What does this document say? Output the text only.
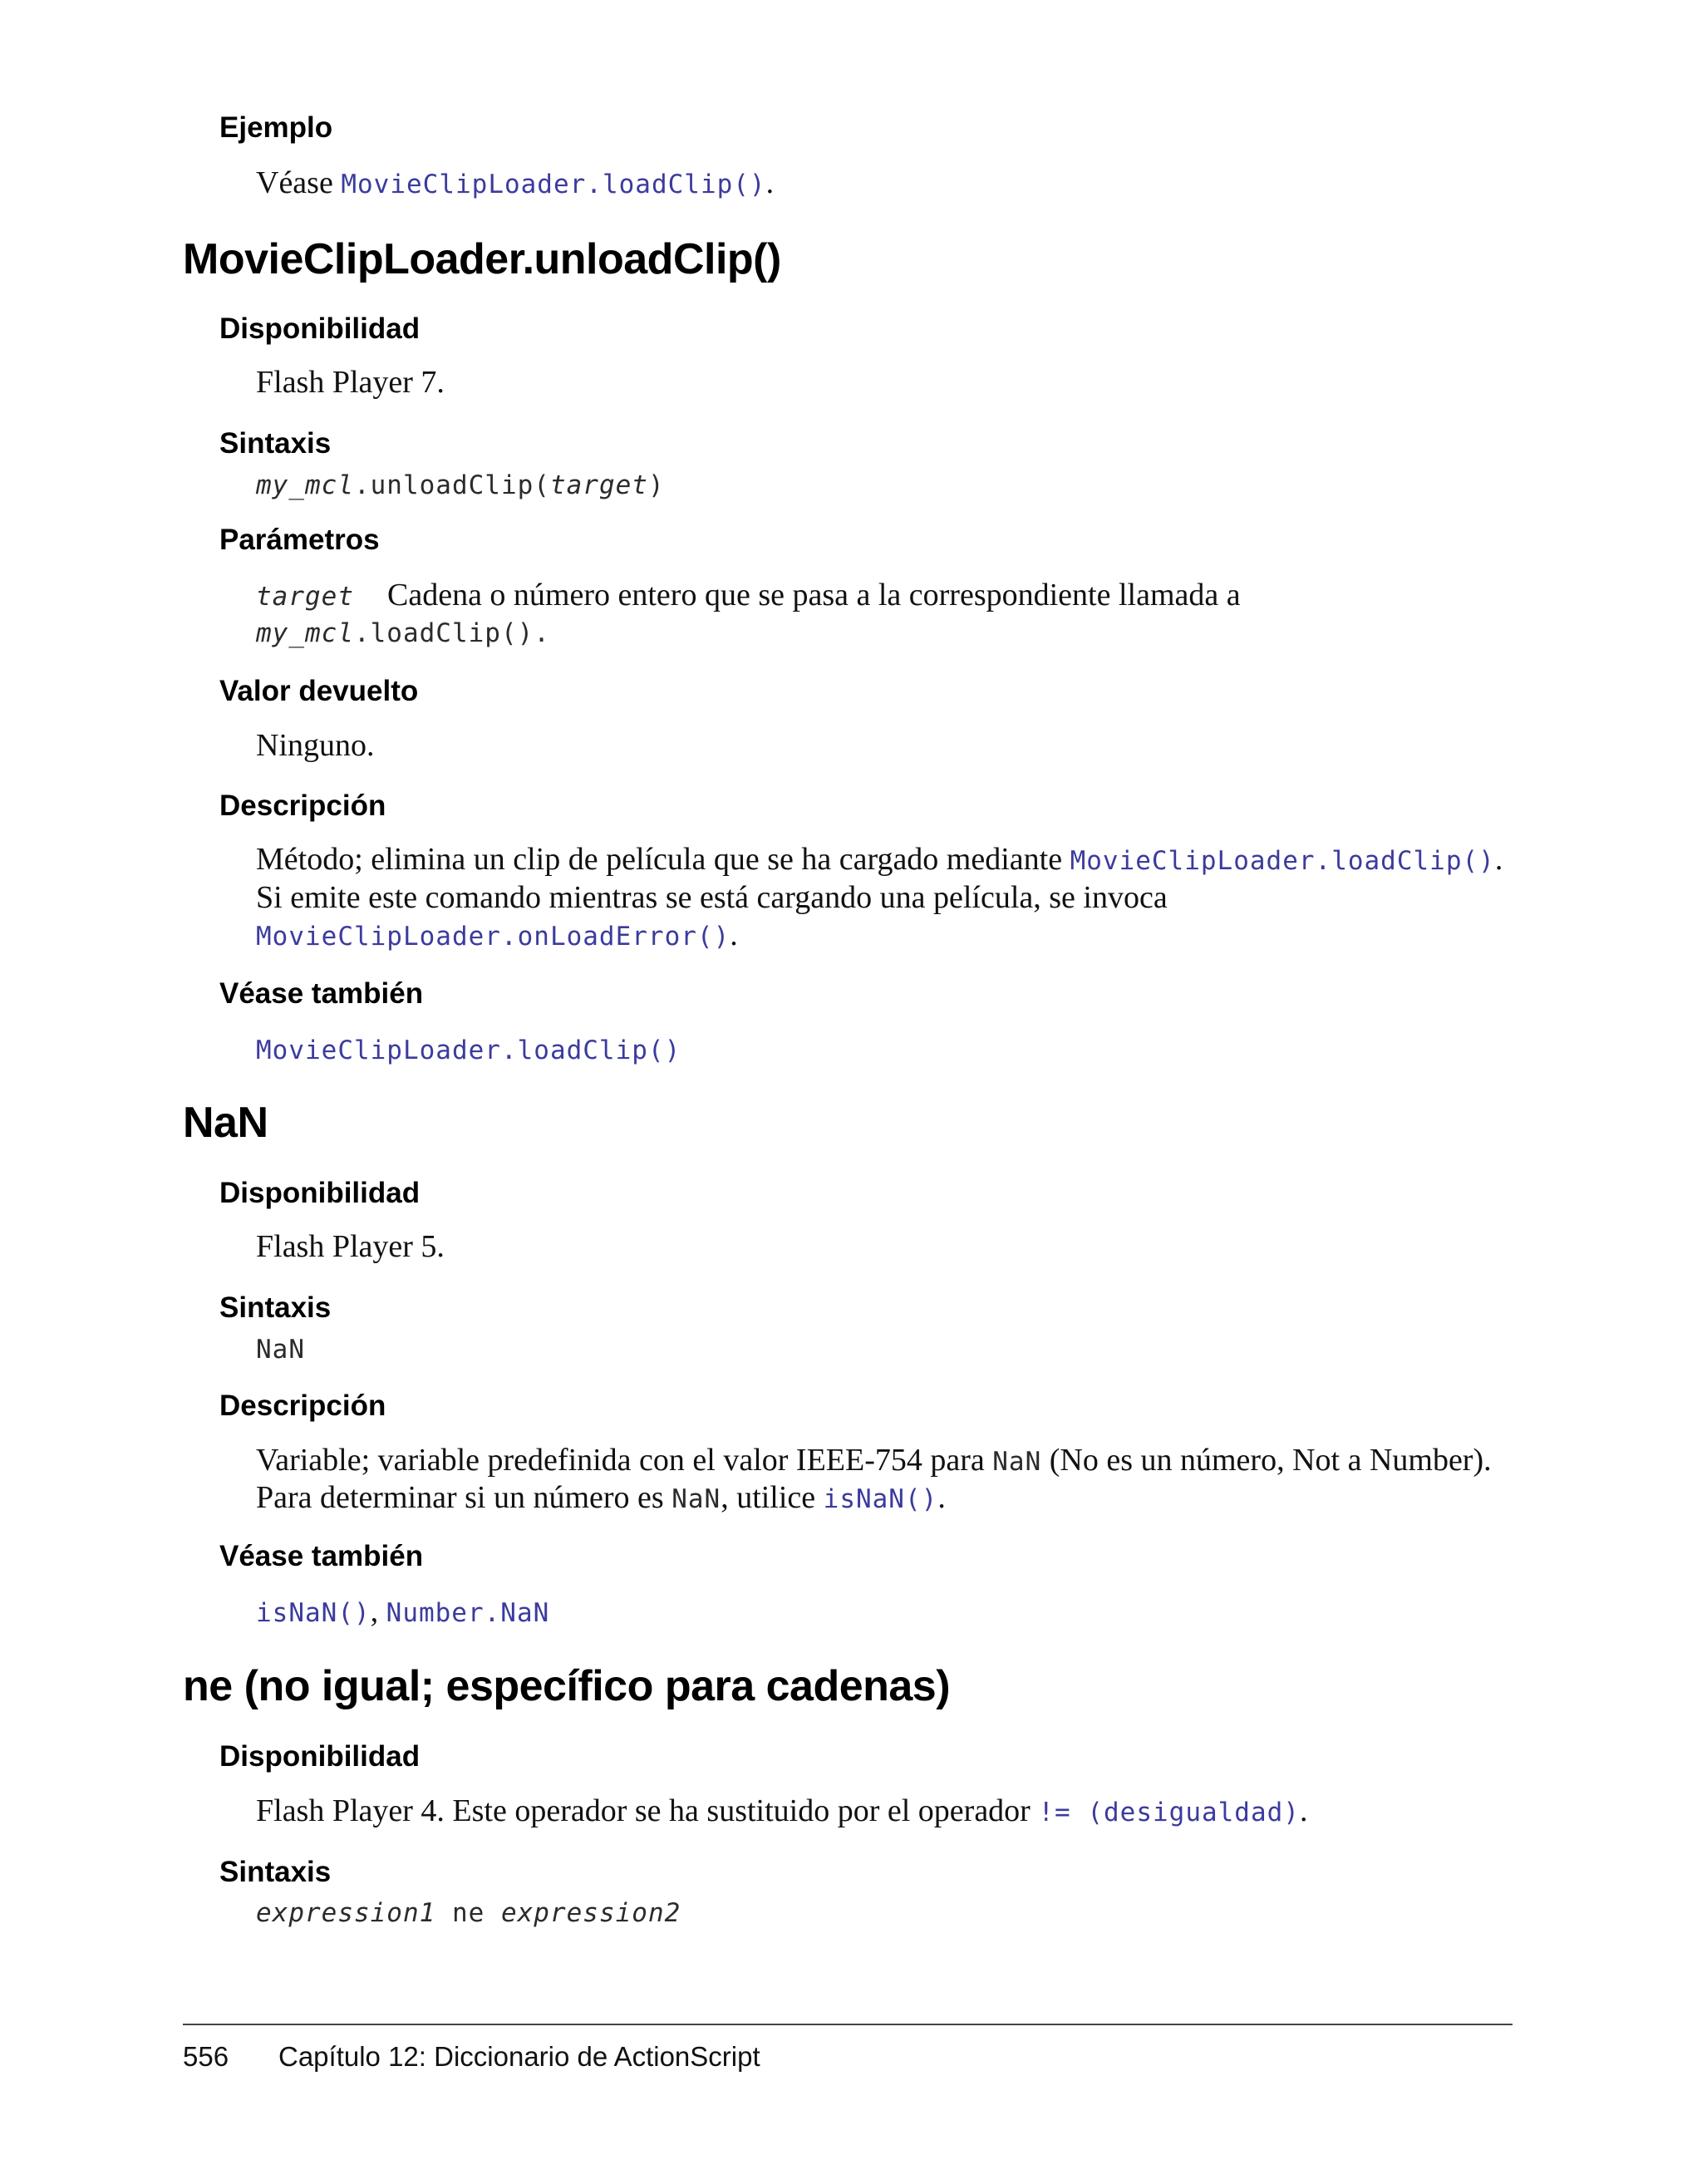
Ejemplo
Véase MovieClipLoader.loadClip().
MovieClipLoader.unloadClip()
Disponibilidad
Flash Player 7.
Sintaxis
my_mcl.unloadClip(target)
Parámetros
target Cadena o número entero que se pasa a la correspondiente llamada a
my_mcl.loadClip().
Valor devuelto
Ninguno.
Descripción
Método; elimina un clip de película que se ha cargado mediante MovieClipLoader.loadClip().
Si emite este comando mientras se está cargando una película, se invoca
MovieClipLoader.onLoadError().
Véase también
MovieClipLoader.loadClip()
NaN
Disponibilidad
Flash Player 5.
Sintaxis
NaN
Descripción
Variable; variable predefinida con el valor IEEE-754 para NaN (No es un número, Not a Number).
Para determinar si un número es NaN, utilice isNaN().
Véase también
isNaN(), Number.NaN
ne (no igual; específico para cadenas)
Disponibilidad
Flash Player 4. Este operador se ha sustituido por el operador != (desigualdad).
Sintaxis
expression1 ne expression2
556 Capítulo 12: Diccionario de ActionScript
